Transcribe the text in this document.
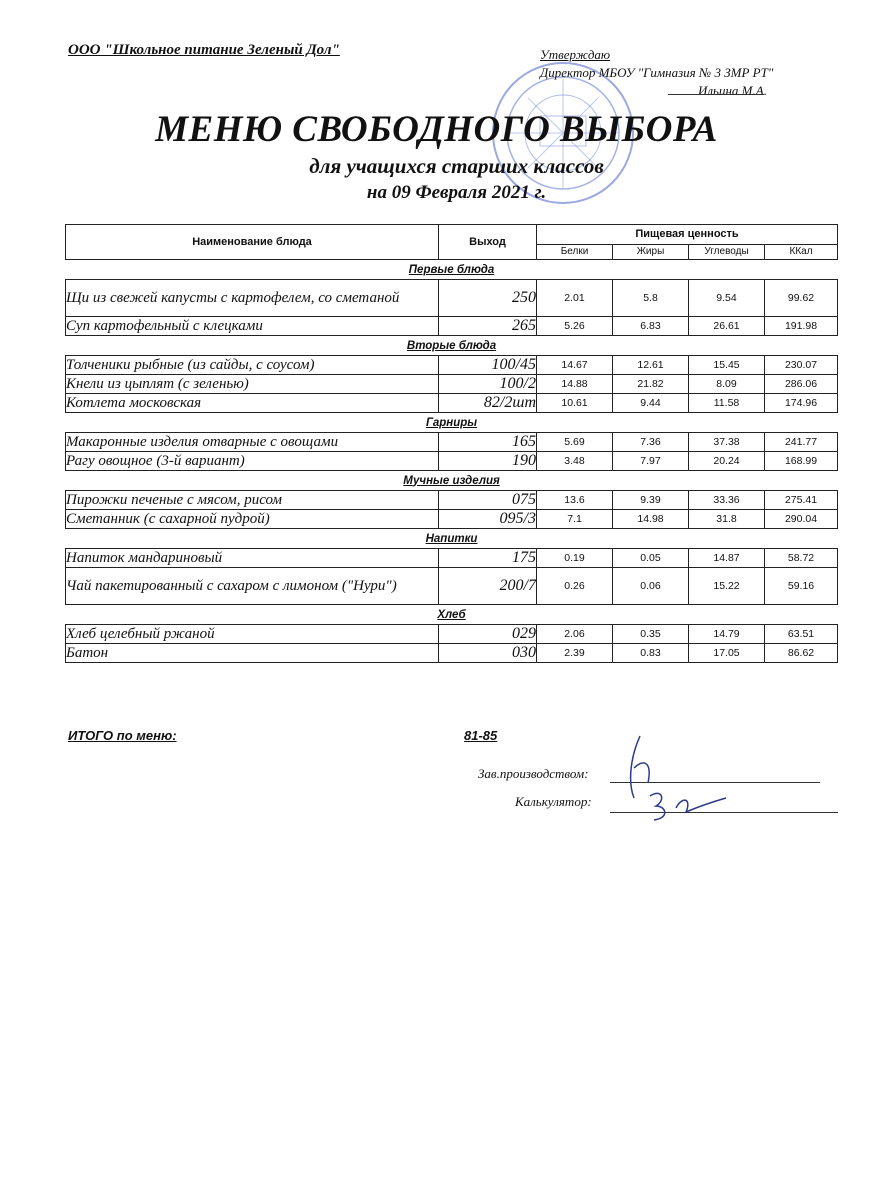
ООО "Школьное питание Зеленый Дол"	Утверждаю
Директор МБОУ "Гимназия № 3 ЗМР РТ"
Ильина М.А.
МЕНЮ СВОБОДНОГО ВЫБОРА
для учащихся старших классов
на 09 Февраля 2021 г.
Наименование блюда	Выход	Пищевая ценность			
		Белки	Жиры	Углеводы	ККал
Первые блюда					
Щи из свежей капусты с картофелем, со сметаной	250	2.01	5.8	9.54	99.62
Суп картофельный с клецками	265	5.26	6.83	26.61	191.98
Вторые блюда					
Толченики рыбные (из сайды, с соусом)	100/45	14.67	12.61	15.45	230.07
Кнели из цыплят (с зеленью)	100/2	14.88	21.82	8.09	286.06
Котлета московская	82/2шт	10.61	9.44	11.58	174.96
Гарниры					
Макаронные изделия отварные с овощами	165	5.69	7.36	37.38	241.77
Рагу овощное (3-й вариант)	190	3.48	7.97	20.24	168.99
Мучные изделия					
Пирожки печеные с мясом, рисом	075	13.6	9.39	33.36	275.41
Сметанник (с сахарной пудрой)	095/3	7.1	14.98	31.8	290.04
Напитки					
Напиток мандариновый	175	0.19	0.05	14.87	58.72
Чай пакетированный с сахаром с лимоном ("Нури")	200/7	0.26	0.06	15.22	59.16
Хлеб					
Хлеб целебный ржаной	029	2.06	0.35	14.79	63.51
Батон	030	2.39	0.83	17.05	86.62
ИТОГО по меню:	81-85
Зав.производством:
Калькулятор:
